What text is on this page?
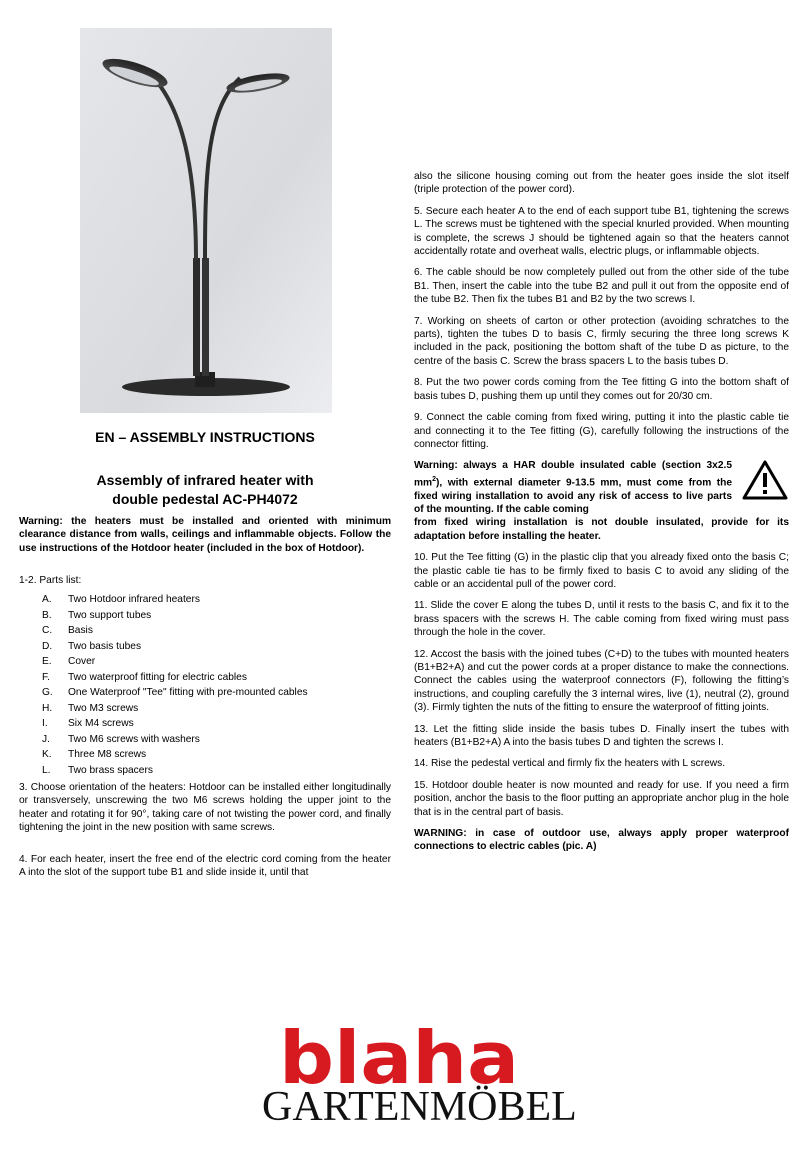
EN – ASSEMBLY INSTRUCTIONS
Assembly of infrared heater with
double pedestal AC-PH4072
Warning: the heaters must be installed and oriented with minimum clearance distance from walls, ceilings and inflammable objects. Follow the use instructions of the Hotdoor heater (included in the box of Hotdoor).
1-2. Parts list:
A.	Two Hotdoor infrared heaters
B.	Two support tubes
C.	Basis
D.	Two basis tubes
E.	Cover
F.	Two waterproof fitting for electric cables
G.	One Waterproof "Tee" fitting with pre-mounted cables
H.	Two M3 screws
I.	Six M4 screws
J.	Two M6 screws with washers
K.	Three M8 screws
L.	Two brass spacers
3. Choose orientation of the heaters: Hotdoor can be installed either longitudinally or transversely, unscrewing the two M6 screws holding the upper joint to the heater and rotating it for 90°, taking care of not twisting the power cord, and finally tightening the joint in the new position with same screws.
4. For each heater, insert the free end of the electric cord coming from the heater A into the slot of the support tube B1 and slide inside it, until that

also the silicone housing coming out from the heater goes inside the slot itself (triple protection of the power cord).

5. Secure each heater A to the end of each support tube B1, tightening the screws L. The screws must be tightened with the special knurled provided. When mounting is complete, the screws J should be tightened again so that the heaters cannot accidentally rotate and overheat walls, electric plugs, or inflammable objects.

6. The cable should be now completely pulled out from the other side of the tube B1. Then, insert the cable into the tube B2 and pull it out from the opposite end of the tube B2. Then fix the tubes B1 and B2 by the two screws I.

7. Working on sheets of carton or other protection (avoiding schratches to the parts), tighten the tubes D to basis C, firmly securing the three long screws K included in the pack, positioning the bottom shaft of the tube D as picture, to the centre of the basis C. Screw the brass spacers L to the basis tubes D.

8. Put the two power cords coming from the Tee fitting G into the bottom shaft of basis tubes D, pushing them up until they comes out for 20/30 cm.

9. Connect the cable coming from fixed wiring, putting it into the plastic cable tie and connecting it to the Tee fitting (G), carefully following the instructions of the connector fitting.

Warning: always a HAR double insulated cable (section 3x2.5 $mm^2$), with external diameter 9-13.5 mm, must come from the fixed wiring installation to avoid any risk of access to live parts of the mounting. If the cable coming
from fixed wiring installation is not double insulated, provide for its adaptation before installing the heater.

10. Put the Tee fitting (G) in the plastic clip that you already fixed onto the basis C; the plastic cable tie has to be firmly fixed to basis C to avoid any sliding of the cable or an accidental pull of the power cord.

11. Slide the cover E along the tubes D, until it rests to the basis C, and fix it to the brass spacers with the screws H. The cable coming from fixed wiring must pass through the hole in the cover.

12. Accost the basis with the joined tubes (C+D) to the tubes with mounted heaters (B1+B2+A) and cut the power cords at a proper distance to make the connections. Connect the cables using the waterproof connectors (F), following the fitting’s instructions, and coupling carefully the 3 internal wires, live (1), neutral (2), ground (3). Firmly tighten the nuts of the fitting to ensure the waterproof of fitting joints.

13. Let the fitting slide inside the basis tubes D. Finally insert the tubes with heaters (B1+B2+A) A into the basis tubes D and tighten the screws I.

14. Rise the pedestal vertical and firmly fix the heaters with L screws.

15. Hotdoor double heater is now mounted and ready for use. If you need a firm position, anchor the basis to the floor putting an appropriate anchor plug in the hole that is in the central part of basis.

WARNING: in case of outdoor use, always apply proper waterproof connections to electric cables (pic. A)

blaha
GARTENMÖBEL
